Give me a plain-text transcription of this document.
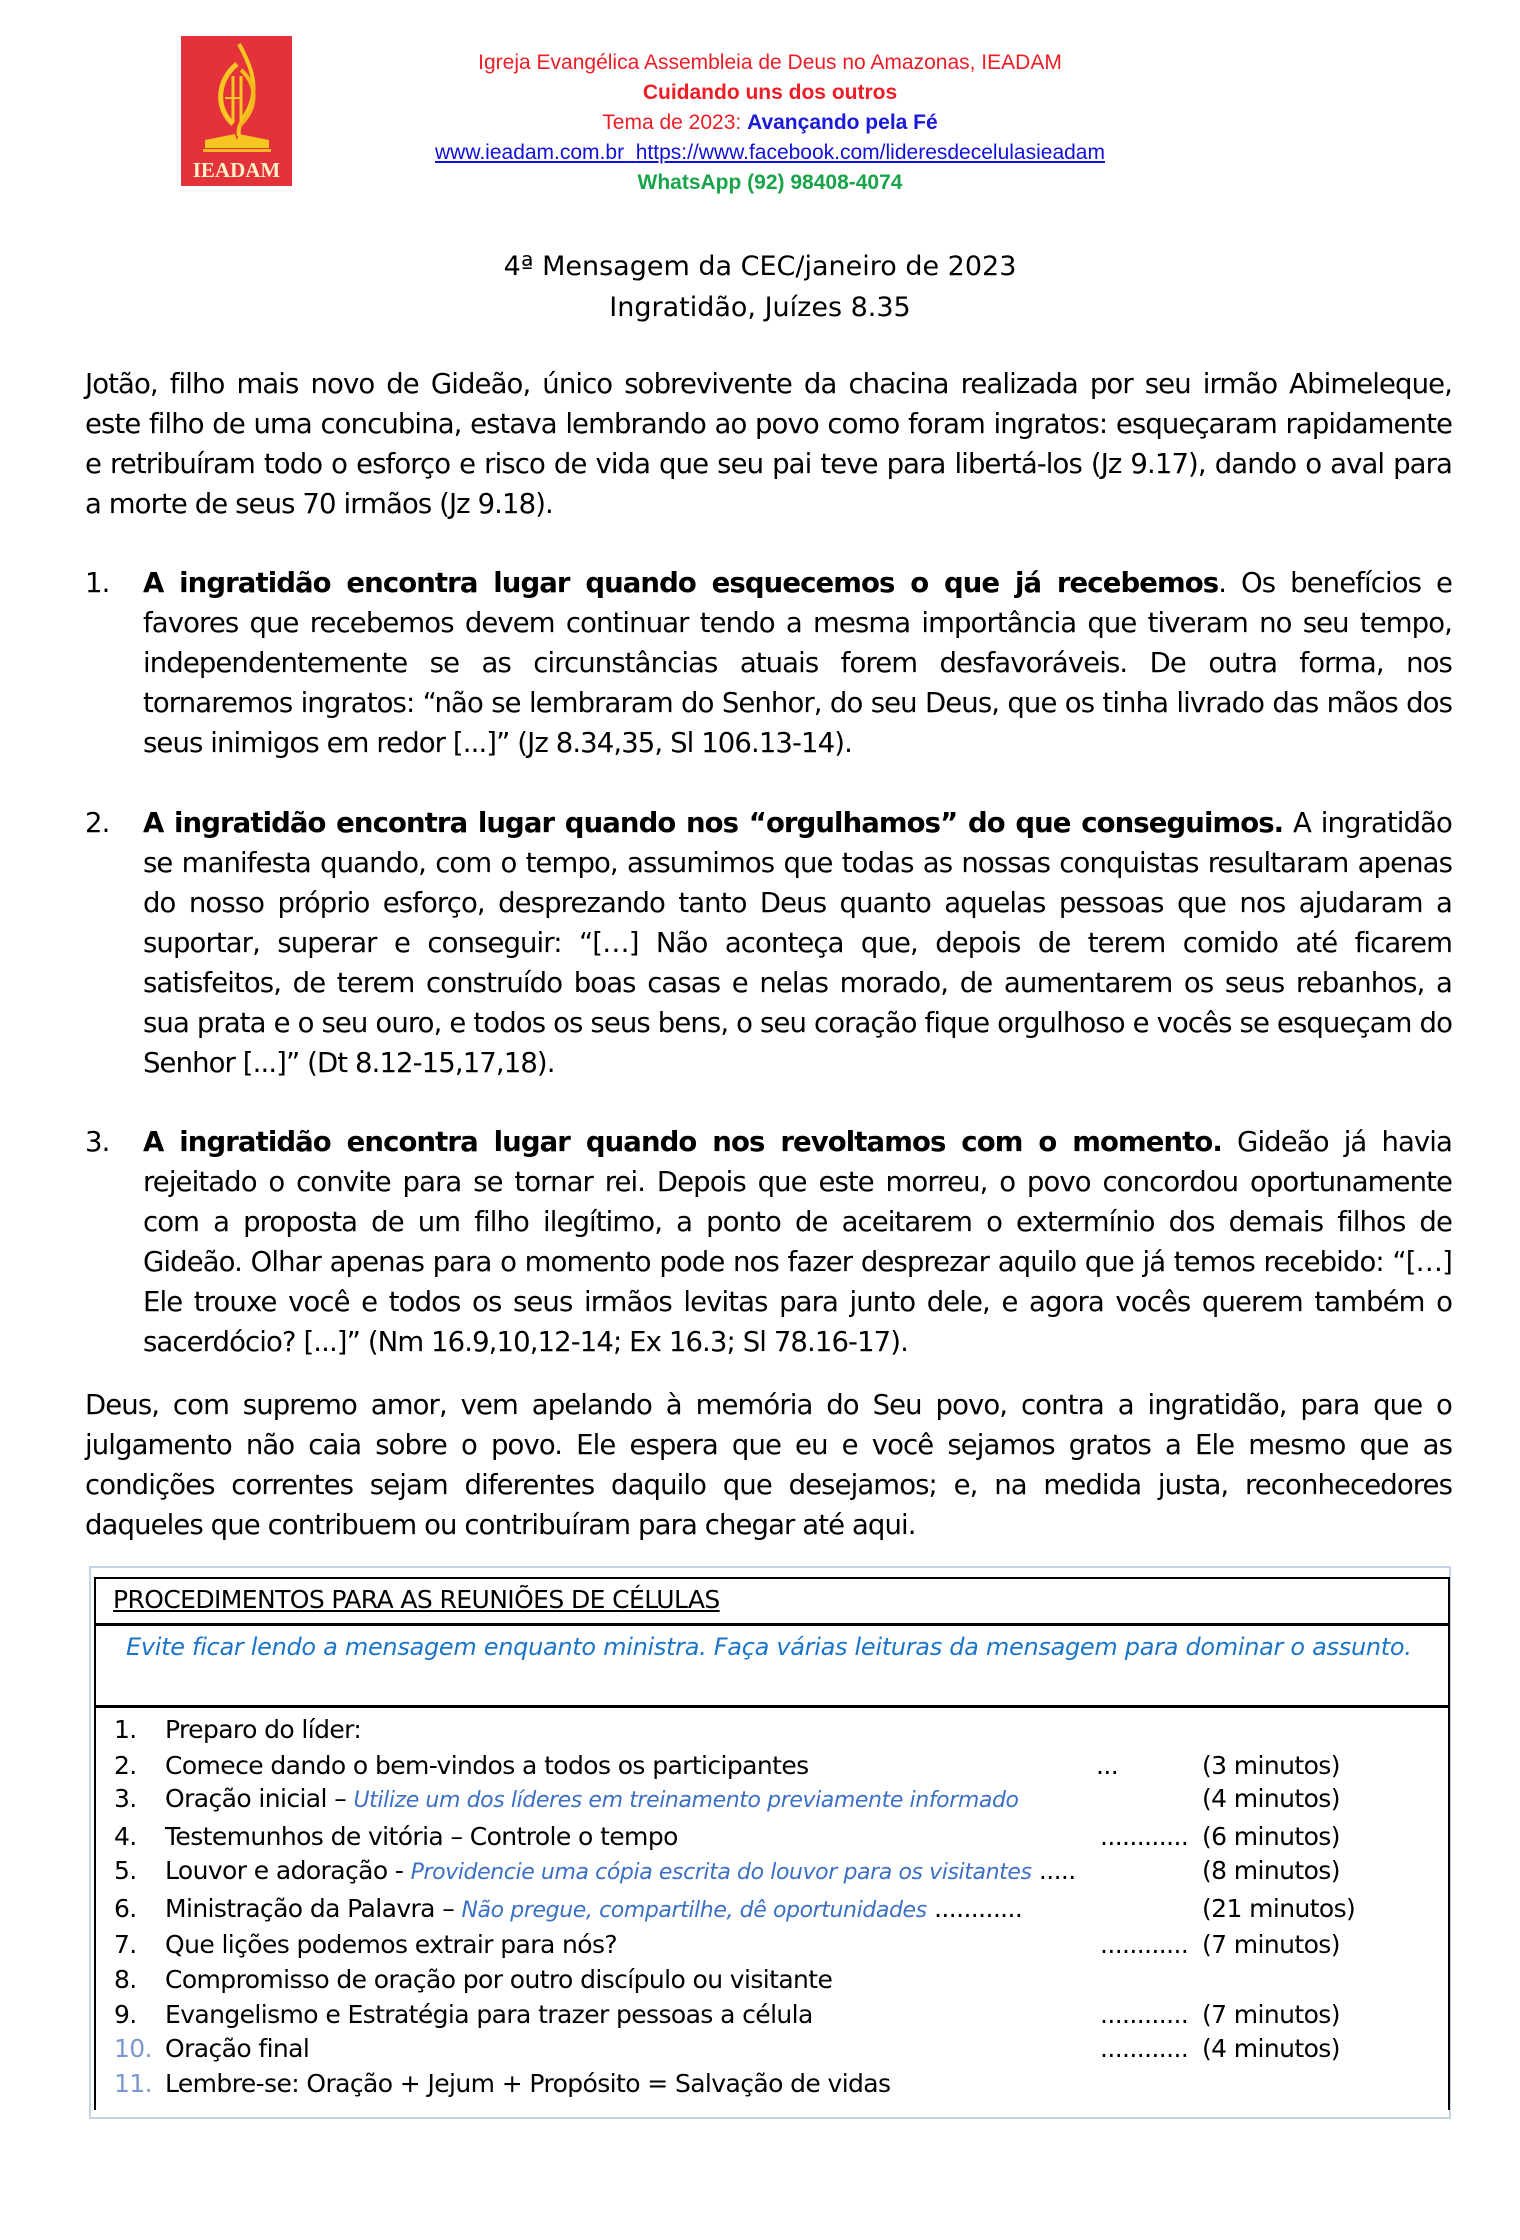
IEADAM
Igreja Evangélica Assembleia de Deus no Amazonas, IEADAM
Cuidando uns dos outros
Tema de 2023: Avançando pela Fé
www.ieadam.com.br https://www.facebook.com/lideresdecelulasieadam
WhatsApp (92) 98408-4074
4ª Mensagem da CEC/janeiro de 2023
Ingratidão, Juízes 8.35
Jotão, filho mais novo de Gideão, único sobrevivente da chacina realizada por seu irmão Abimeleque, este filho de uma concubina, estava lembrando ao povo como foram ingratos: esqueçaram rapidamente e retribuíram todo o esforço e risco de vida que seu pai teve para libertá-los (Jz 9.17), dando o aval para a morte de seus 70 irmãos (Jz 9.18).
1.	A ingratidão encontra lugar quando esquecemos o que já recebemos. Os benefícios e favores que recebemos devem continuar tendo a mesma importância que tiveram no seu tempo, independentemente se as circunstâncias atuais forem desfavoráveis. De outra forma, nos tornaremos ingratos: “não se lembraram do Senhor, do seu Deus, que os tinha livrado das mãos dos seus inimigos em redor [...]” (Jz 8.34,35, Sl 106.13-14).
2.	A ingratidão encontra lugar quando nos “orgulhamos” do que conseguimos. A ingratidão se manifesta quando, com o tempo, assumimos que todas as nossas conquistas resultaram apenas do nosso próprio esforço, desprezando tanto Deus quanto aquelas pessoas que nos ajudaram a suportar, superar e conseguir: “[…] Não aconteça que, depois de terem comido até ficarem satisfeitos, de terem construído boas casas e nelas morado, de aumentarem os seus rebanhos, a sua prata e o seu ouro, e todos os seus bens, o seu coração fique orgulhoso e vocês se esqueçam do Senhor [...]” (Dt 8.12-15,17,18).
3.	A ingratidão encontra lugar quando nos revoltamos com o momento. Gideão já havia rejeitado o convite para se tornar rei. Depois que este morreu, o povo concordou oportunamente com a proposta de um filho ilegítimo, a ponto de aceitarem o extermínio dos demais filhos de Gideão. Olhar apenas para o momento pode nos fazer desprezar aquilo que já temos recebido: “[…] Ele trouxe você e todos os seus irmãos levitas para junto dele, e agora vocês querem também o sacerdócio? [...]” (Nm 16.9,10,12-14; Ex 16.3; Sl 78.16-17).
Deus, com supremo amor, vem apelando à memória do Seu povo, contra a ingratidão, para que o julgamento não caia sobre o povo. Ele espera que eu e você sejamos gratos a Ele mesmo que as condições correntes sejam diferentes daquilo que desejamos; e, na medida justa, reconhecedores daqueles que contribuem ou contribuíram para chegar até aqui.
PROCEDIMENTOS PARA AS REUNIÕES DE CÉLULAS
Evite ficar lendo a mensagem enquanto ministra. Faça várias leituras da mensagem para dominar o assunto.
1. Preparo do líder:
2. Comece dando o bem-vindos a todos os participantes	...	(3 minutos)
3. Oração inicial – Utilize um dos líderes em treinamento previamente informado	(4 minutos)
4. Testemunhos de vitória – Controle o tempo	............ (6 minutos)
5. Louvor e adoração - Providencie uma cópia escrita do louvor para os visitantes .....	(8 minutos)
6. Ministração da Palavra – Não pregue, compartilhe, dê oportunidades ............	(21 minutos)
7. Que lições podemos extrair para nós?	............ (7 minutos)
8. Compromisso de oração por outro discípulo ou visitante
9. Evangelismo e Estratégia para trazer pessoas a célula	............ (7 minutos)
10. Oração final	............ (4 minutos)
11. Lembre-se: Oração + Jejum + Propósito = Salvação de vidas
